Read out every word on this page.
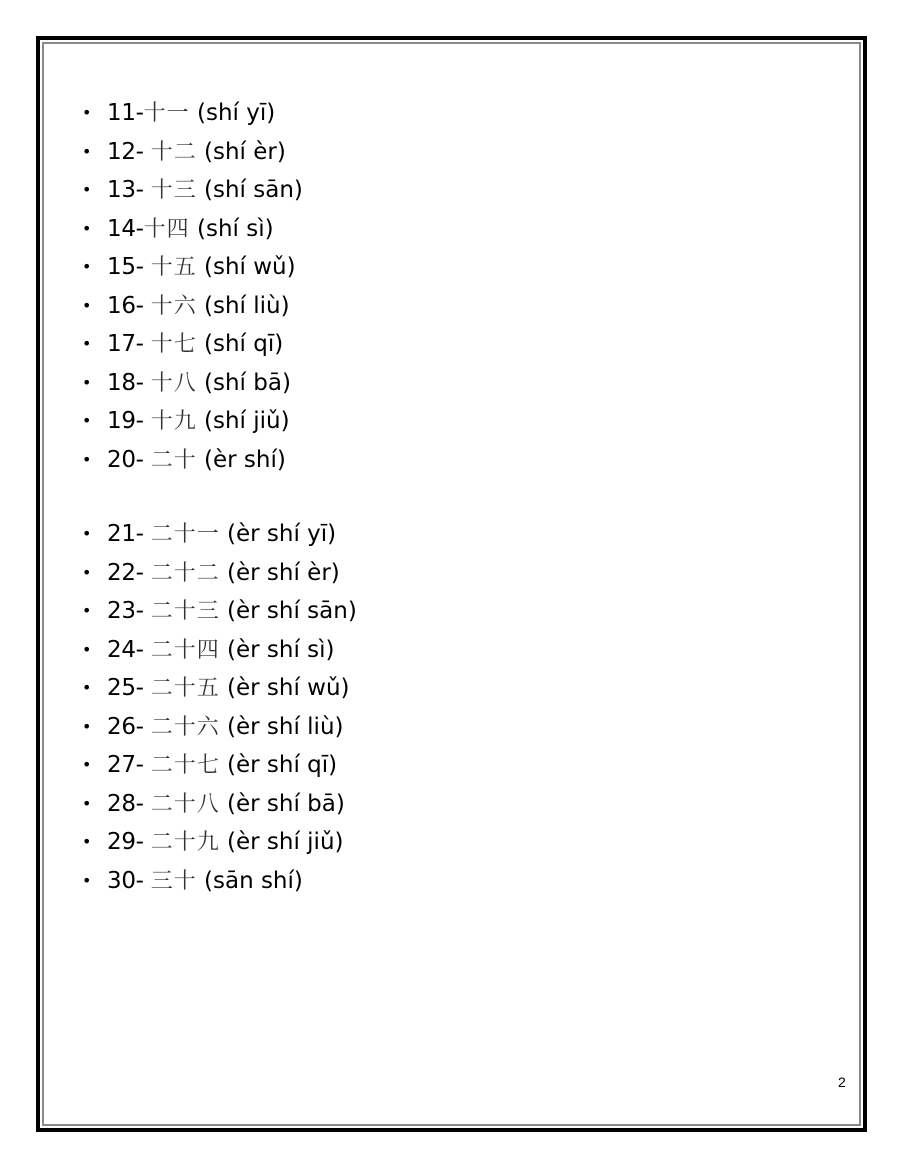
• 11-十一 (shí yī)
• 12- 十二 (shí èr)
• 13- 十三 (shí sān)
• 14-十四 (shí sì)
• 15- 十五 (shí wǔ)
• 16- 十六 (shí liù)
• 17- 十七 (shí qī)
• 18- 十八 (shí bā)
• 19- 十九 (shí jiǔ)
• 20- 二十 (èr shí)
• 21- 二十一 (èr shí yī)
• 22- 二十二 (èr shí èr)
• 23- 二十三 (èr shí sān)
• 24- 二十四 (èr shí sì)
• 25- 二十五 (èr shí wǔ)
• 26- 二十六 (èr shí liù)
• 27- 二十七 (èr shí qī)
• 28- 二十八 (èr shí bā)
• 29- 二十九 (èr shí jiǔ)
• 30- 三十 (sān shí)
2
